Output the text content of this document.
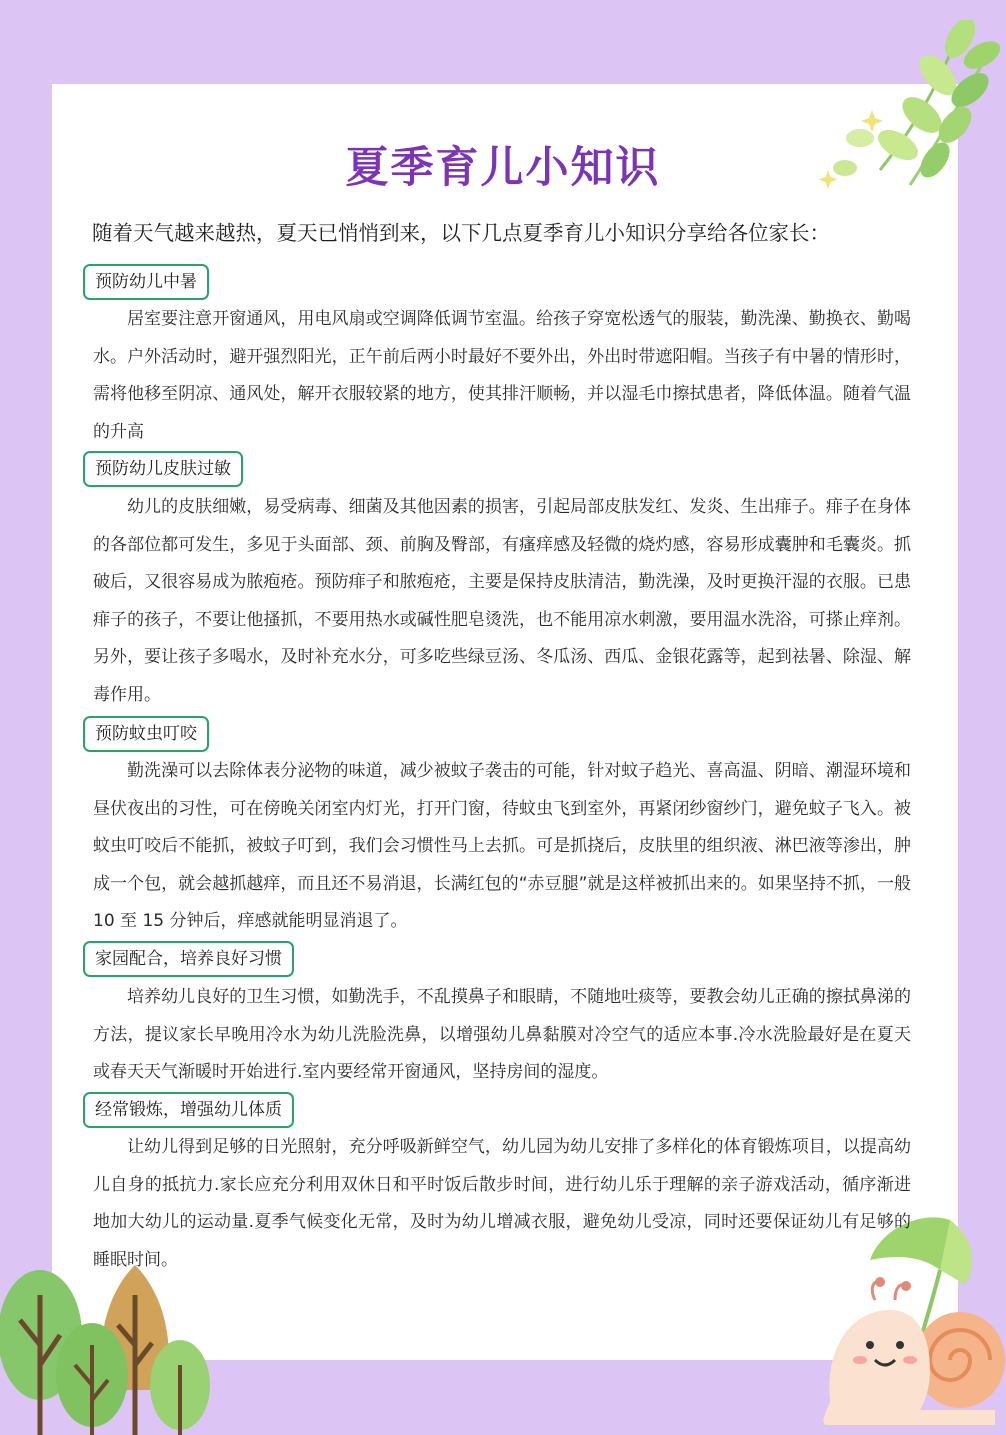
夏季育儿小知识

随着天气越来越热，夏天已悄悄到来，以下几点夏季育儿小知识分享给各位家长：

预防幼儿中暑

居室要注意开窗通风，用电风扇或空调降低调节室温。给孩子穿宽松透气的服装，勤洗澡、勤换衣、勤喝水。户外活动时，避开强烈阳光，正午前后两小时最好不要外出，外出时带遮阳帽。当孩子有中暑的情形时，需将他移至阴凉、通风处，解开衣服较紧的地方，使其排汗顺畅，并以湿毛巾擦拭患者，降低体温。随着气温的升高

预防幼儿皮肤过敏

幼儿的皮肤细嫩，易受病毒、细菌及其他因素的损害，引起局部皮肤发红、发炎、生出痱子。痱子在身体的各部位都可发生，多见于头面部、颈、前胸及臀部，有瘙痒感及轻微的烧灼感，容易形成囊肿和毛囊炎。抓破后，又很容易成为脓疱疮。预防痱子和脓疱疮，主要是保持皮肤清洁，勤洗澡，及时更换汗湿的衣服。已患痱子的孩子，不要让他搔抓，不要用热水或碱性肥皂烫洗，也不能用凉水刺激，要用温水洗浴，可搽止痒剂。另外，要让孩子多喝水，及时补充水分，可多吃些绿豆汤、冬瓜汤、西瓜、金银花露等，起到祛暑、除湿、解毒作用。

预防蚊虫叮咬

勤洗澡可以去除体表分泌物的味道，减少被蚊子袭击的可能，针对蚊子趋光、喜高温、阴暗、潮湿环境和昼伏夜出的习性，可在傍晚关闭室内灯光，打开门窗，待蚊虫飞到室外，再紧闭纱窗纱门，避免蚊子飞入。被蚊虫叮咬后不能抓，被蚊子叮到，我们会习惯性马上去抓。可是抓挠后，皮肤里的组织液、淋巴液等渗出，肿成一个包，就会越抓越痒，而且还不易消退，长满红包的“赤豆腿”就是这样被抓出来的。如果坚持不抓，一般 10 至 15 分钟后，痒感就能明显消退了。

家园配合，培养良好习惯

培养幼儿良好的卫生习惯，如勤洗手，不乱摸鼻子和眼睛，不随地吐痰等，要教会幼儿正确的擦拭鼻涕的方法，提议家长早晚用冷水为幼儿洗脸洗鼻，以增强幼儿鼻黏膜对冷空气的适应本事.冷水洗脸最好是在夏天或春天天气渐暖时开始进行.室内要经常开窗通风，坚持房间的湿度。

经常锻炼，增强幼儿体质

让幼儿得到足够的日光照射，充分呼吸新鲜空气，幼儿园为幼儿安排了多样化的体育锻炼项目，以提高幼儿自身的抵抗力.家长应充分利用双休日和平时饭后散步时间，进行幼儿乐于理解的亲子游戏活动，循序渐进地加大幼儿的运动量.夏季气候变化无常，及时为幼儿增减衣服，避免幼儿受凉，同时还要保证幼儿有足够的睡眠时间。
